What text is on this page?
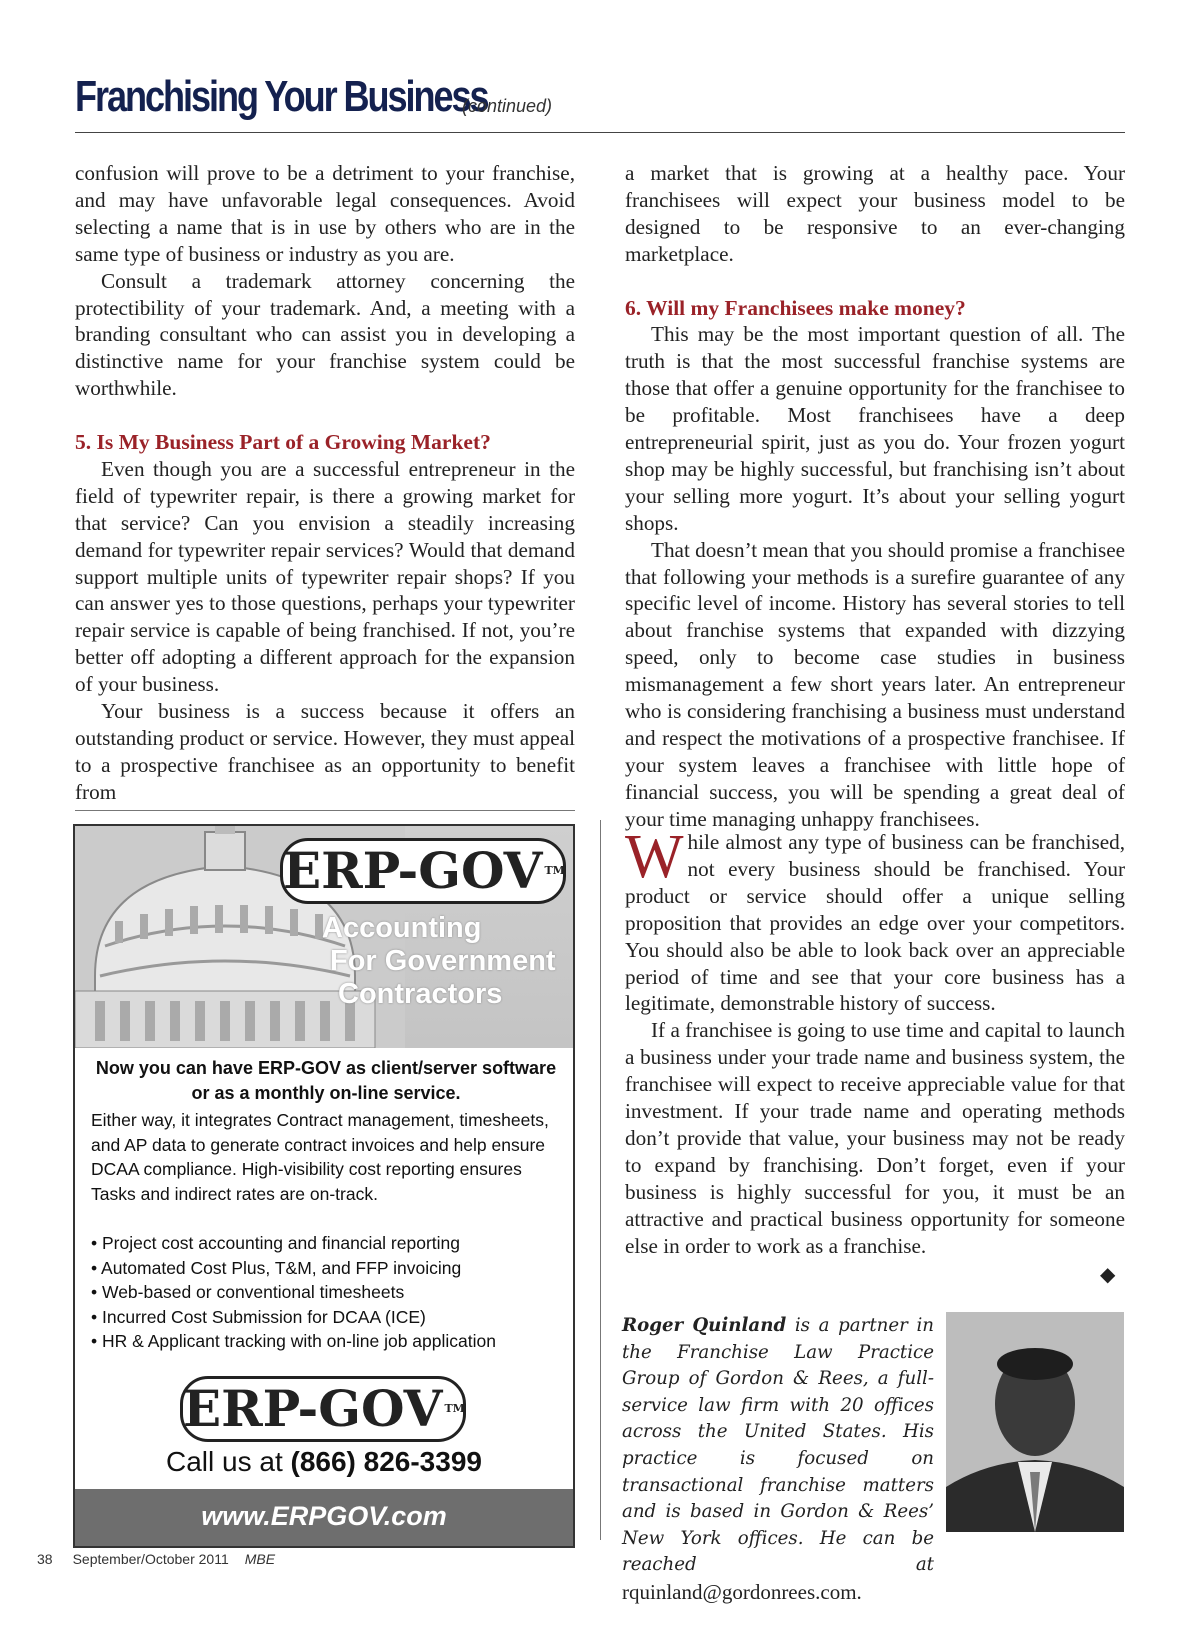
Franchising Your Business
(continued)

confusion will prove to be a detriment to your franchise, and may have unfavorable legal consequences. Avoid selecting a name that is in use by others who are in the same type of business or industry as you are.

Consult a trademark attorney concerning the protectibility of your trademark. And, a meeting with a branding consultant who can assist you in developing a distinctive name for your franchise system could be worthwhile.

5. Is My Business Part of a Growing Market?

Even though you are a successful entrepreneur in the field of typewriter repair, is there a growing market for that service? Can you envision a steadily increasing demand for typewriter repair services? Would that demand support multiple units of typewriter repair shops? If you can answer yes to those questions, perhaps your typewriter repair service is capable of being franchised. If not, you’re better off adopting a different approach for the expansion of your business.

Your business is a success because it offers an outstanding product or service. However, they must appeal to a prospective franchisee as an opportunity to benefit from

a market that is growing at a healthy pace. Your franchisees will expect your business model to be designed to be responsive to an ever-changing marketplace.

6. Will my Franchisees make money?

This may be the most important question of all. The truth is that the most successful franchise systems are those that offer a genuine opportunity for the franchisee to be profitable. Most franchisees have a deep entrepreneurial spirit, just as you do. Your frozen yogurt shop may be highly successful, but franchising isn’t about your selling more yogurt. It’s about your selling yogurt shops.

That doesn’t mean that you should promise a franchisee that following your methods is a surefire guarantee of any specific level of income. History has several stories to tell about franchise systems that expanded with dizzying speed, only to become case studies in business mismanagement a few short years later. An entrepreneur who is considering franchising a business must understand and respect the motivations of a prospective franchisee. If your system leaves a franchisee with little hope of financial success, you will be spending a great deal of your time managing unhappy franchisees.

While almost any type of business can be franchised, not every business should be franchised. Your product or service should offer a unique selling proposition that provides an edge over your competitors. You should also be able to look back over an appreciable period of time and see that your core business has a legitimate, demonstrable history of success.

If a franchisee is going to use time and capital to launch a business under your trade name and business system, the franchisee will expect to receive appreciable value for that investment. If your trade name and operating methods don’t provide that value, your business may not be ready to expand by franchising. Don’t forget, even if your business is highly successful for you, it must be an attractive and practical business opportunity for someone else in order to work as a franchise.

◆
ERP-GOV TM
Accounting
For Government
Contractors
Now you can have ERP-GOV as client/server software or as a monthly on-line service.
Either way, it integrates Contract management, timesheets, and AP data to generate contract invoices and help ensure DCAA compliance. High-visibility cost reporting ensures Tasks and indirect rates are on-track.
• Project cost accounting and financial reporting
• Automated Cost Plus, T&M, and FFP invoicing
• Web-based or conventional timesheets
• Incurred Cost Submission for DCAA (ICE)
• HR & Applicant tracking with on-line job application
ERP-GOV TM
Call us at (866) 826-3399
www.ERPGOV.com

Roger Quinland is a partner in the Franchise Law Practice Group of Gordon & Rees, a full-service law firm with 20 offices across the United States. His practice is focused on transactional franchise matters and is based in Gordon & Rees’ New York offices. He can be reached at rquinland@gordonrees.com.

38 September/October 2011 MBE
